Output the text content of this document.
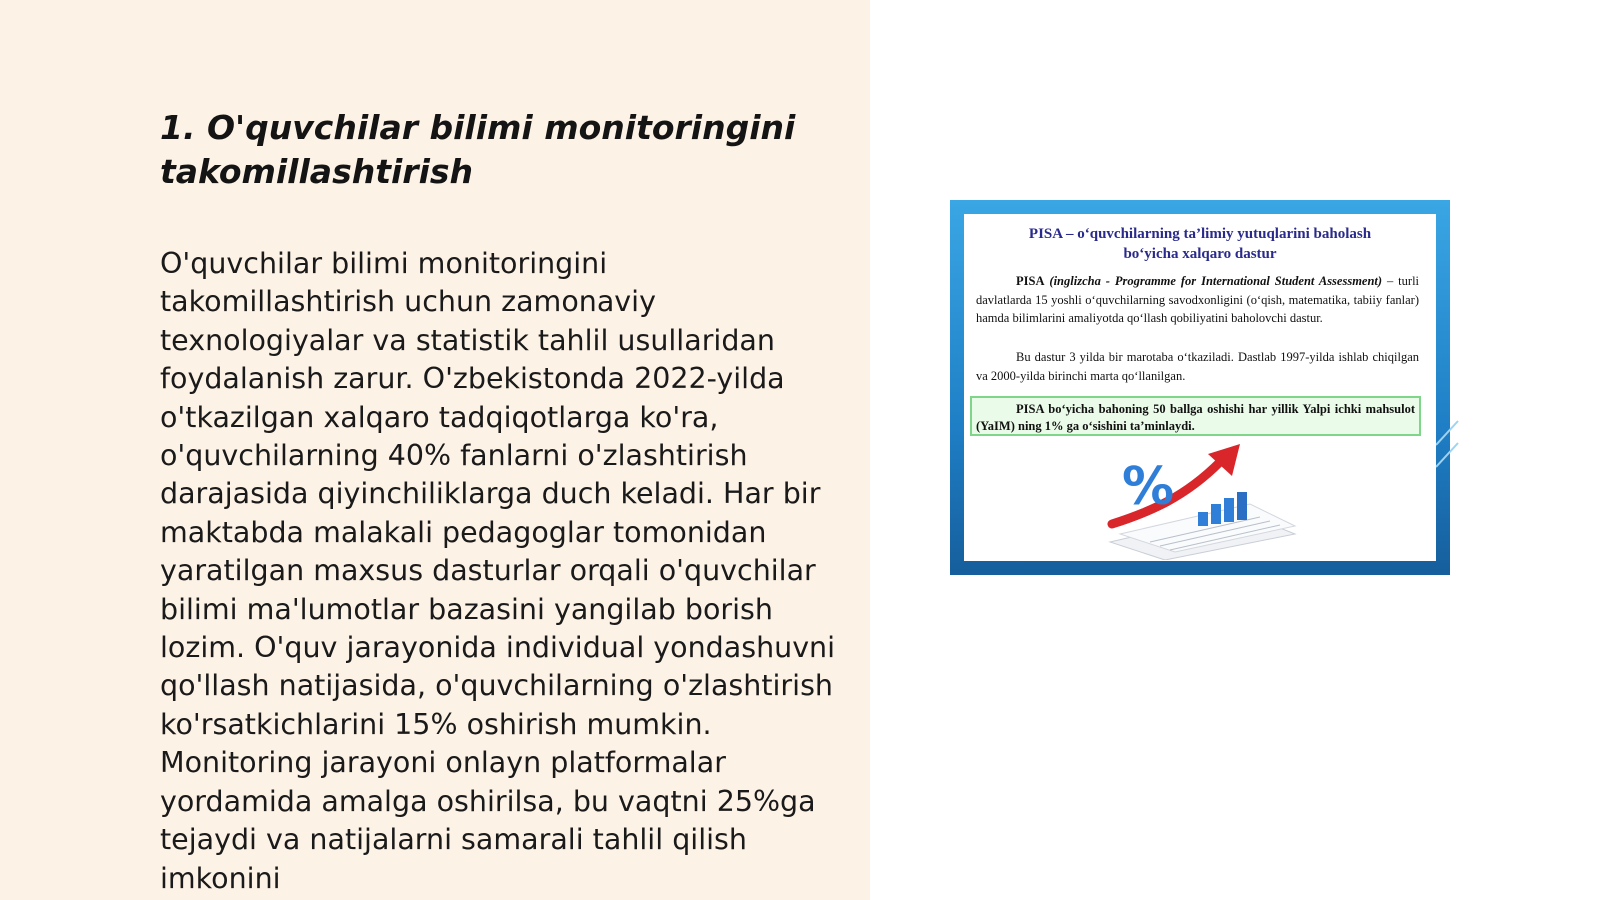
1. O'quvchilar bilimi monitoringini takomillashtirish

O'quvchilar bilimi monitoringini takomillashtirish uchun zamonaviy texnologiyalar va statistik tahlil usullaridan foydalanish zarur. O'zbekistonda 2022-yilda o'tkazilgan xalqaro tadqiqotlarga ko'ra, o'quvchilarning 40% fanlarni o'zlashtirish darajasida qiyinchiliklarga duch keladi. Har bir maktabda malakali pedagoglar tomonidan yaratilgan maxsus dasturlar orqali o'quvchilar bilimi ma'lumotlar bazasini yangilab borish lozim. O'quv jarayonida individual yondashuvni qo'llash natijasida, o'quvchilarning o'zlashtirish ko'rsatkichlarini 15% oshirish mumkin. Monitoring jarayoni onlayn platformalar yordamida amalga oshirilsa, bu vaqtni 25%ga tejaydi va natijalarni samarali tahlil qilish imkonini

PISA – o‘quvchilarning ta’limiy yutuqlarini baholash
bo‘yicha xalqaro dastur

PISA (inglizcha - Programme for International Student Assessment) – turli davlatlarda 15 yoshli o‘quvchilarning savodxonligini (o‘qish, matematika, tabiiy fanlar) hamda bilimlarini amaliyotda qo‘llash qobiliyatini baholovchi dastur.

Bu dastur 3 yilda bir marotaba o‘tkaziladi. Dastlab 1997-yilda ishlab chiqilgan va 2000-yilda birinchi marta qo‘llanilgan.

PISA bo‘yicha bahoning 50 ballga oshishi har yillik Yalpi ichki mahsulot (YaIM) ning 1% ga o‘sishini ta’minlaydi.
%
